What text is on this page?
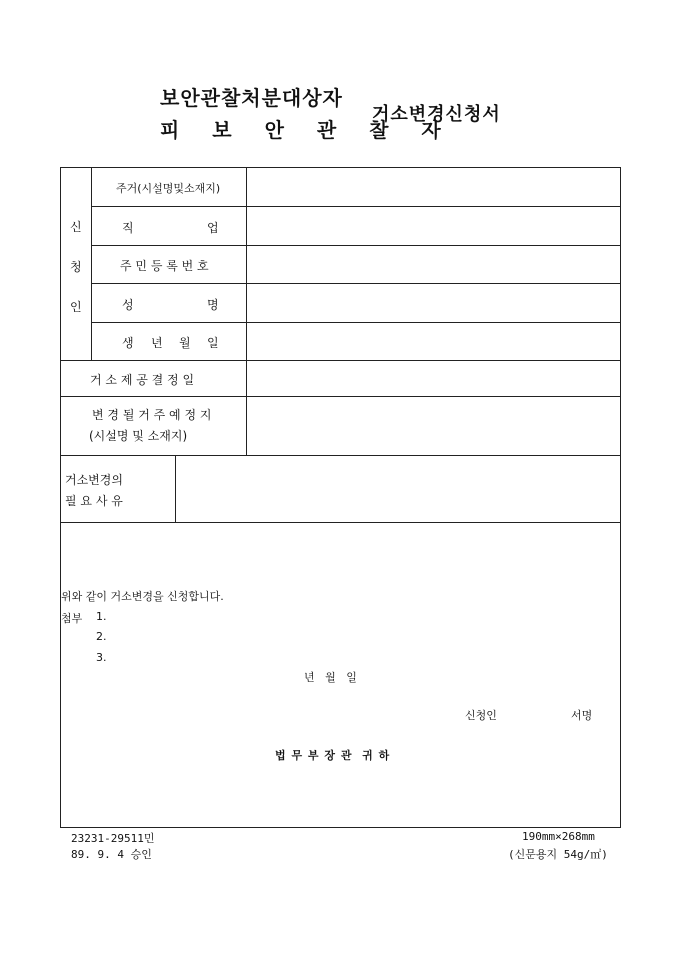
보안관찰처분대상자
피 보 안 관 찰 자
거소변경신청서
신
청
인
주거(시설명및소재지)
직	업
주 민 등 록 번 호
성	명
생 년 월 일
거 소 제 공 결 정 일
변 경 될 거 주 예 정 지
(시설명 및 소재지)
거소변경의
필 요 사 유
위와 같이 거소변경을 신청합니다.
첨부 1.
2.
3.
년   월   일
신청인	서명
법 무 부 장 관  귀 하
23231-29511민
89. 9. 4 승인
190mm×268mm
(신문용지 54g/㎡)
